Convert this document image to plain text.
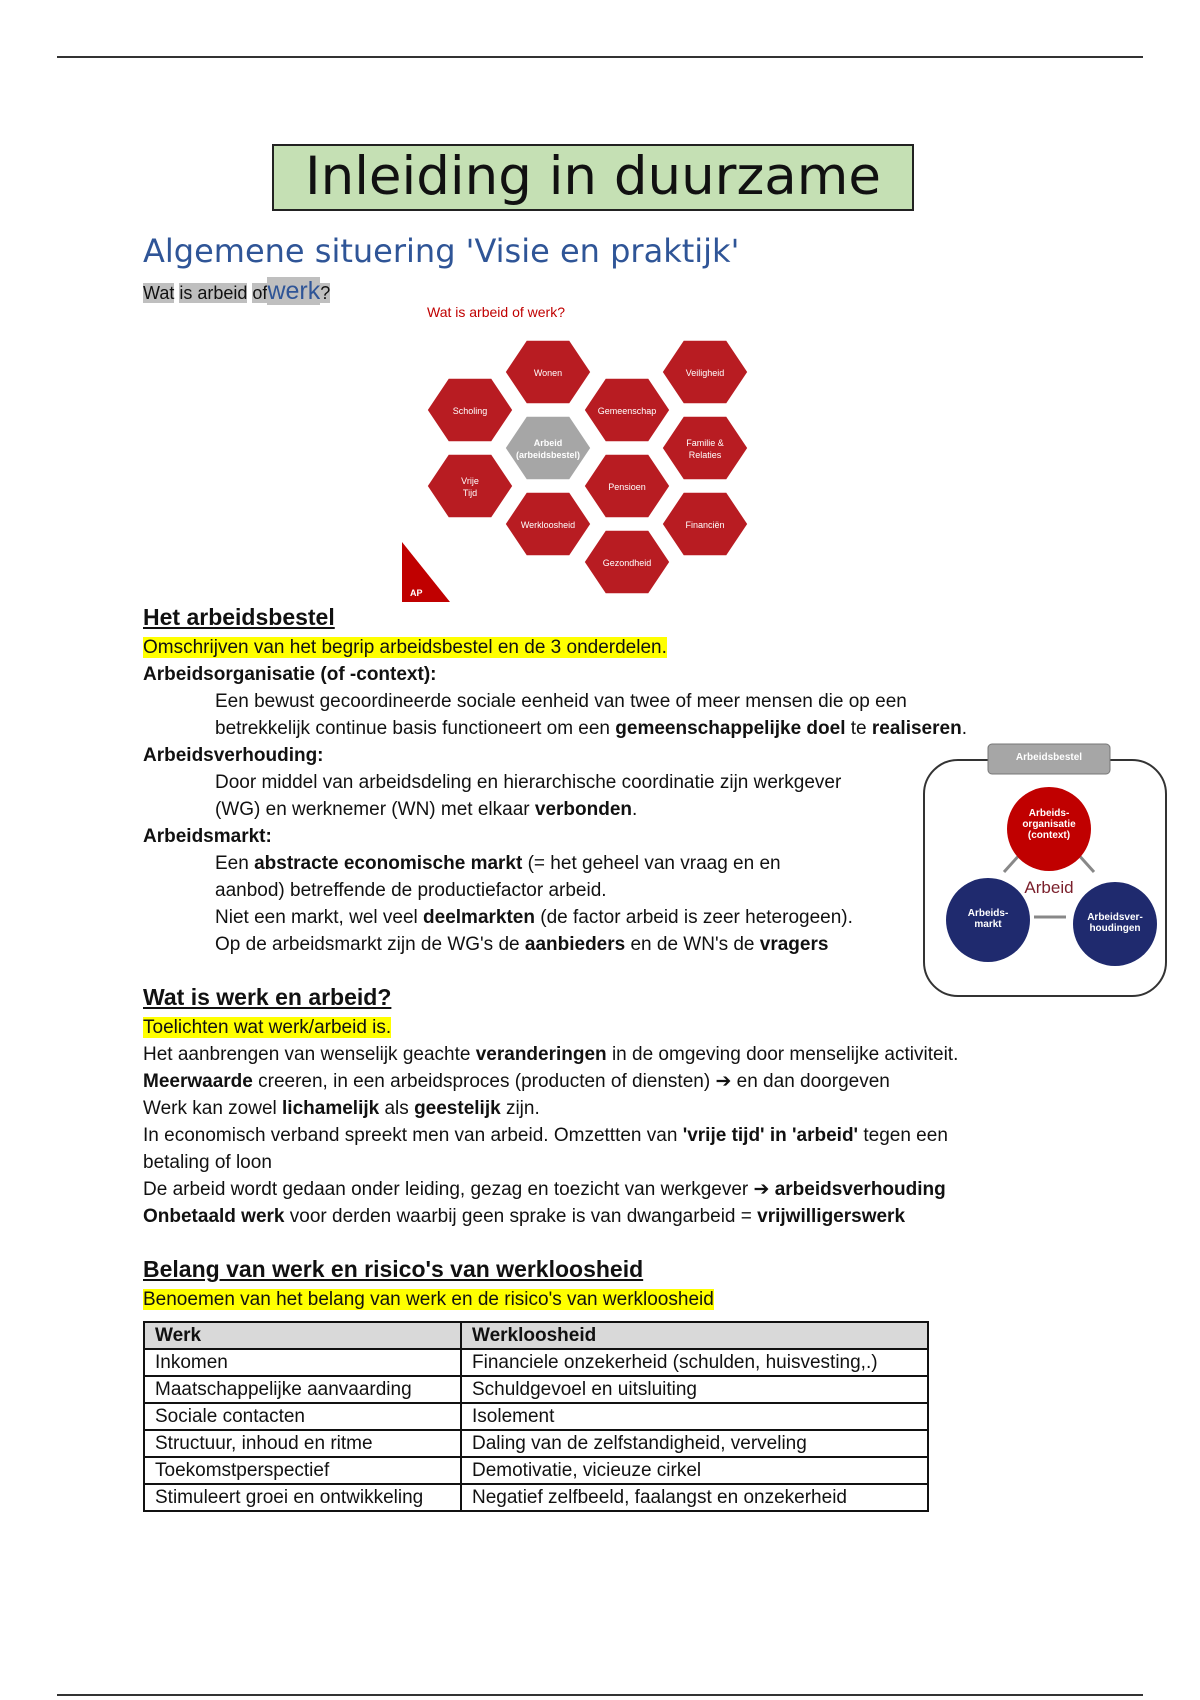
Inleiding in duurzame
Algemene situering 'Visie en praktijk'
Wat is arbeid ofwerk?
AP
Wonen	Veiligheid
Scholing	Gemeenschap
Arbeid
(arbeidsbestel)
Familie &
Relaties
Vrije
Tijd
Pensioen
Werkloosheid	Financiën
Gezondheid
Wat is arbeid of werk?
Het arbeidsbestel
Omschrijven van het begrip arbeidsbestel en de 3 onderdelen.
Arbeidsorganisatie (of -context):
Een bewust gecoordineerde sociale eenheid van twee of meer mensen die op een
betrekkelijk continue basis functioneert om een gemeenschappelijke doel te realiseren.
Arbeidsverhouding:
Door middel van arbeidsdeling en hierarchische coordinatie zijn werkgever
(WG) en werknemer (WN) met elkaar verbonden.
Arbeidsmarkt:
Een abstracte economische markt (= het geheel van vraag en en
aanbod) betreffende de productiefactor arbeid.
Niet een markt, wel veel deelmarkten (de factor arbeid is zeer heterogeen).
Op de arbeidsmarkt zijn de WG's de aanbieders en de WN's de vragers
Wat is werk en arbeid?
Toelichten wat werk/arbeid is.
Het aanbrengen van wenselijk geachte veranderingen in de omgeving door menselijke activiteit.
Meerwaarde creeren, in een arbeidsproces (producten of diensten) ➔ en dan doorgeven
Werk kan zowel lichamelijk als geestelijk zijn.
In economisch verband spreekt men van arbeid. Omzettten van 'vrije tijd' in 'arbeid' tegen een
betaling of loon
De arbeid wordt gedaan onder leiding, gezag en toezicht van werkgever ➔ arbeidsverhouding
Onbetaald werk voor derden waarbij geen sprake is van dwangarbeid = vrijwilligerswerk
Belang van werk en risico's van werkloosheid
Benoemen van het belang van werk en de risico's van werkloosheid
Arbeidsbestel
Arbeids-organisatie (context)
Arbeids-markt
Arbeidsver-houdingen
Arbeid
Werk	Werkloosheid
Inkomen	Financiele onzekerheid (schulden, huisvesting,.)
Maatschappelijke aanvaarding	Schuldgevoel en uitsluiting
Sociale contacten	Isolement
Structuur, inhoud en ritme	Daling van de zelfstandigheid, verveling
Toekomstperspectief	Demotivatie, vicieuze cirkel
Stimuleert groei en ontwikkeling	Negatief zelfbeeld, faalangst en onzekerheid
